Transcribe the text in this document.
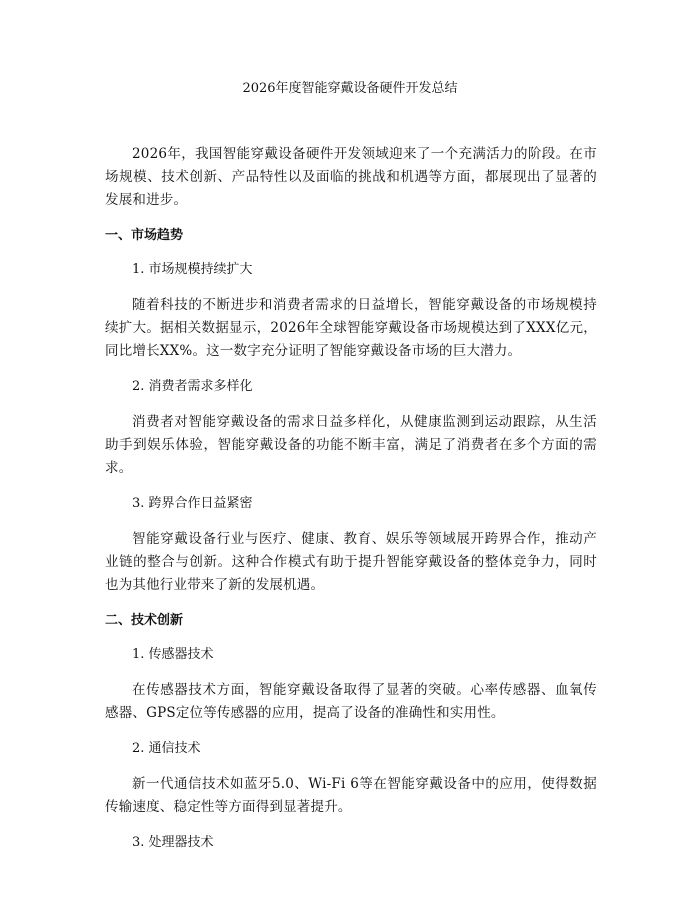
2026年度智能穿戴设备硬件开发总结

2026年，我国智能穿戴设备硬件开发领域迎来了一个充满活力的阶段。在市场规模、技术创新、产品特性以及面临的挑战和机遇等方面，都展现出了显著的发展和进步。

一、市场趋势
1. 市场规模持续扩大

随着科技的不断进步和消费者需求的日益增长，智能穿戴设备的市场规模持续扩大。据相关数据显示，2026年全球智能穿戴设备市场规模达到了XXX亿元，同比增长XX%。这一数字充分证明了智能穿戴设备市场的巨大潜力。

2. 消费者需求多样化

消费者对智能穿戴设备的需求日益多样化，从健康监测到运动跟踪，从生活助手到娱乐体验，智能穿戴设备的功能不断丰富，满足了消费者在多个方面的需求。

3. 跨界合作日益紧密

智能穿戴设备行业与医疗、健康、教育、娱乐等领域展开跨界合作，推动产业链的整合与创新。这种合作模式有助于提升智能穿戴设备的整体竞争力，同时也为其他行业带来了新的发展机遇。

二、技术创新
1. 传感器技术

在传感器技术方面，智能穿戴设备取得了显著的突破。心率传感器、血氧传感器、GPS定位等传感器的应用，提高了设备的准确性和实用性。

2. 通信技术

新一代通信技术如蓝牙5.0、Wi-Fi 6等在智能穿戴设备中的应用，使得数据传输速度、稳定性等方面得到显著提升。

3. 处理器技术
